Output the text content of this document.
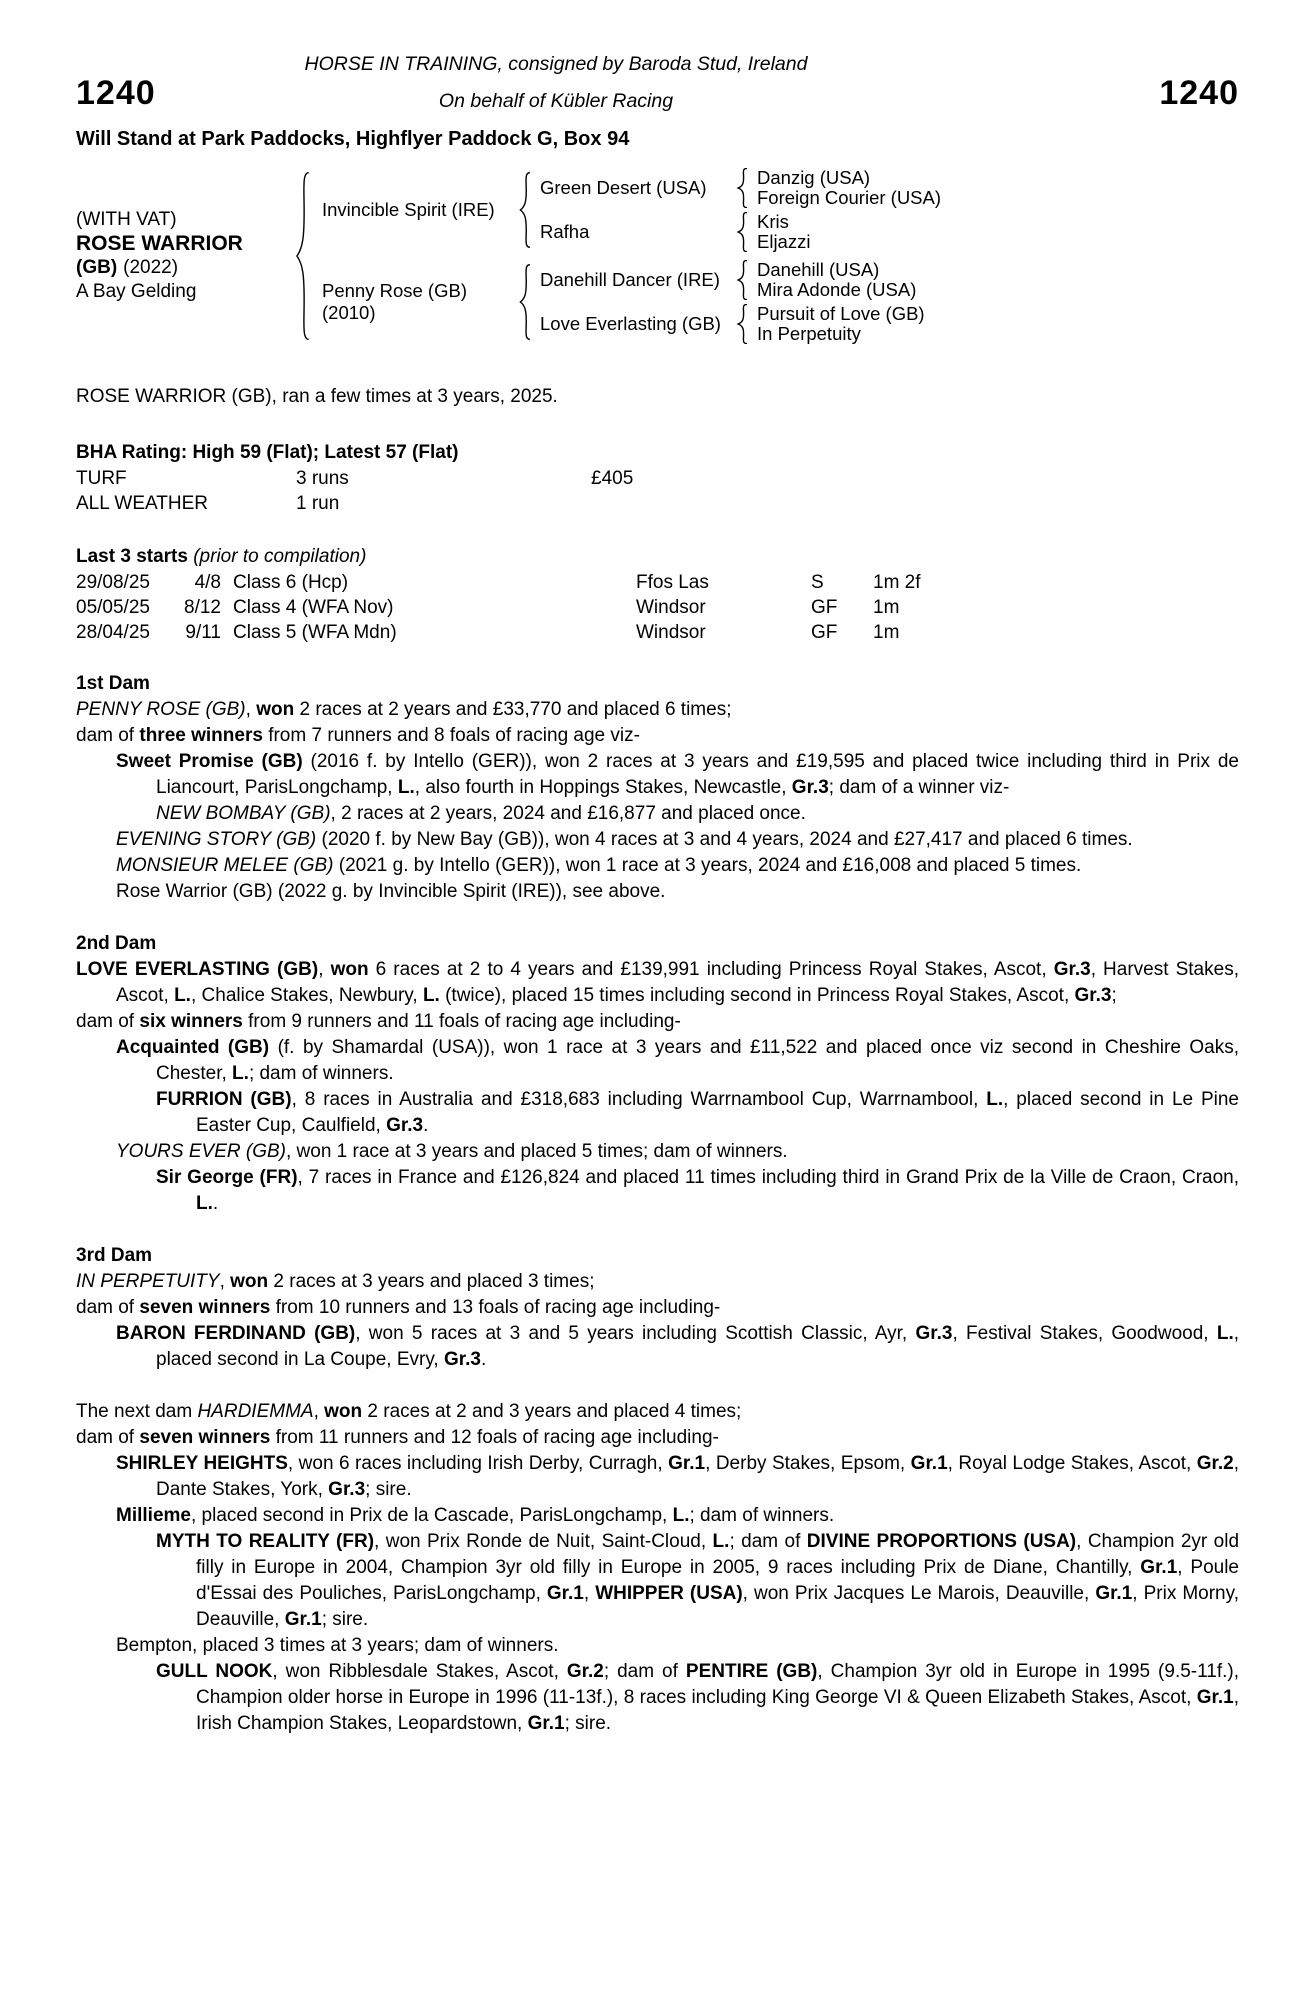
HORSE IN TRAINING, consigned by Baroda Stud, Ireland
On behalf of Kübler Racing
1240	1240
Will Stand at Park Paddocks, Highflyer Paddock G, Box 94
(WITH VAT)
ROSE WARRIOR
(GB) (2022)
A Bay Gelding
Invincible Spirit (IRE)
Green Desert (USA)	Danzig (USA)
Foreign Courier (USA)
Rafha	Kris
Eljazzi
Penny Rose (GB)
(2010)
Danehill Dancer (IRE)	Danehill (USA)
Mira Adonde (USA)
Love Everlasting (GB)	Pursuit of Love (GB)
In Perpetuity
ROSE WARRIOR (GB), ran a few times at 3 years, 2025.
BHA Rating: High 59 (Flat); Latest 57 (Flat)
TURF	3 runs	£405
ALL WEATHER	1 run
Last 3 starts (prior to compilation)
29/08/25	4/8 Class 6 (Hcp)	Ffos Las	S	1m 2f
05/05/25	8/12 Class 4 (WFA Nov)	Windsor	GF	1m
28/04/25	9/11 Class 5 (WFA Mdn)	Windsor	GF	1m
1st Dam
PENNY ROSE (GB), won 2 races at 2 years and £33,770 and placed 6 times;
dam of three winners from 7 runners and 8 foals of racing age viz-
Sweet Promise (GB) (2016 f. by Intello (GER)), won 2 races at 3 years and £19,595 and placed twice including third in Prix de Liancourt, ParisLongchamp, L., also fourth in Hoppings Stakes, Newcastle, Gr.3; dam of a winner viz-
NEW BOMBAY (GB), 2 races at 2 years, 2024 and £16,877 and placed once.
EVENING STORY (GB) (2020 f. by New Bay (GB)), won 4 races at 3 and 4 years, 2024 and £27,417 and placed 6 times.
MONSIEUR MELEE (GB) (2021 g. by Intello (GER)), won 1 race at 3 years, 2024 and £16,008 and placed 5 times.
Rose Warrior (GB) (2022 g. by Invincible Spirit (IRE)), see above.
2nd Dam
LOVE EVERLASTING (GB), won 6 races at 2 to 4 years and £139,991 including Princess Royal Stakes, Ascot, Gr.3, Harvest Stakes, Ascot, L., Chalice Stakes, Newbury, L. (twice), placed 15 times including second in Princess Royal Stakes, Ascot, Gr.3;
dam of six winners from 9 runners and 11 foals of racing age including-
Acquainted (GB) (f. by Shamardal (USA)), won 1 race at 3 years and £11,522 and placed once viz second in Cheshire Oaks, Chester, L.; dam of winners.
FURRION (GB), 8 races in Australia and £318,683 including Warrnambool Cup, Warrnambool, L., placed second in Le Pine Easter Cup, Caulfield, Gr.3.
YOURS EVER (GB), won 1 race at 3 years and placed 5 times; dam of winners.
Sir George (FR), 7 races in France and £126,824 and placed 11 times including third in Grand Prix de la Ville de Craon, Craon, L..
3rd Dam
IN PERPETUITY, won 2 races at 3 years and placed 3 times;
dam of seven winners from 10 runners and 13 foals of racing age including-
BARON FERDINAND (GB), won 5 races at 3 and 5 years including Scottish Classic, Ayr, Gr.3, Festival Stakes, Goodwood, L., placed second in La Coupe, Evry, Gr.3.
The next dam HARDIEMMA, won 2 races at 2 and 3 years and placed 4 times;
dam of seven winners from 11 runners and 12 foals of racing age including-
SHIRLEY HEIGHTS, won 6 races including Irish Derby, Curragh, Gr.1, Derby Stakes, Epsom, Gr.1, Royal Lodge Stakes, Ascot, Gr.2, Dante Stakes, York, Gr.3; sire.
Millieme, placed second in Prix de la Cascade, ParisLongchamp, L.; dam of winners.
MYTH TO REALITY (FR), won Prix Ronde de Nuit, Saint-Cloud, L.; dam of DIVINE PROPORTIONS (USA), Champion 2yr old filly in Europe in 2004, Champion 3yr old filly in Europe in 2005, 9 races including Prix de Diane, Chantilly, Gr.1, Poule d'Essai des Pouliches, ParisLongchamp, Gr.1, WHIPPER (USA), won Prix Jacques Le Marois, Deauville, Gr.1, Prix Morny, Deauville, Gr.1; sire.
Bempton, placed 3 times at 3 years; dam of winners.
GULL NOOK, won Ribblesdale Stakes, Ascot, Gr.2; dam of PENTIRE (GB), Champion 3yr old in Europe in 1995 (9.5-11f.), Champion older horse in Europe in 1996 (11-13f.), 8 races including King George VI & Queen Elizabeth Stakes, Ascot, Gr.1, Irish Champion Stakes, Leopardstown, Gr.1; sire.
